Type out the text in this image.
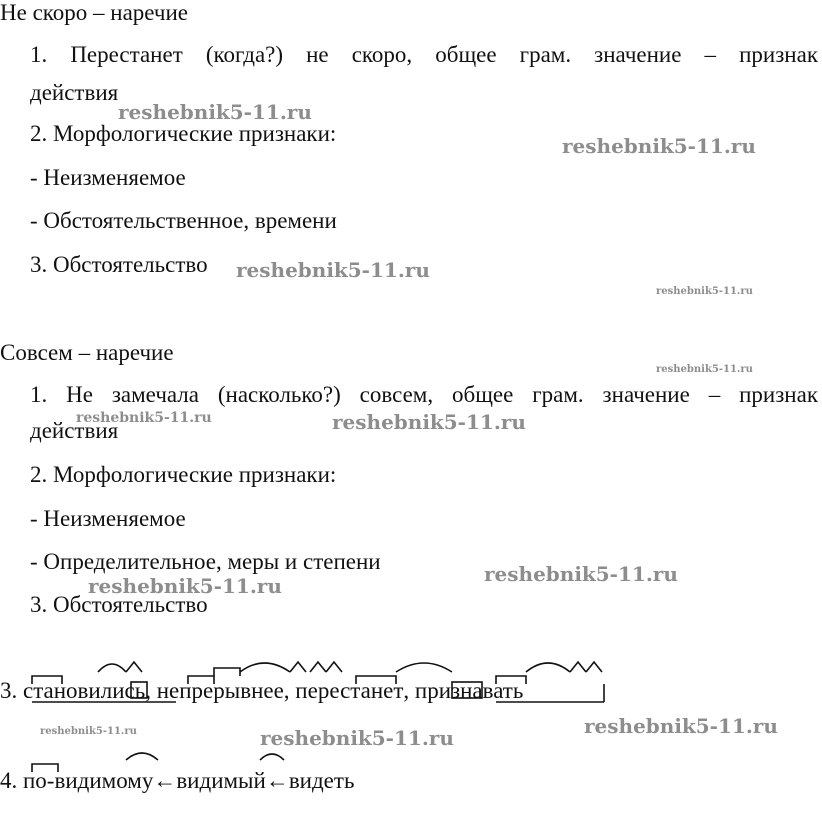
Не скоро – наречие
1. Перестанет (когда?) не скоро, общее грам. значение – признак
действия
2. Морфологические признаки:
- Неизменяемое
- Обстоятельственное, времени
3. Обстоятельство
Совсем – наречие
1. Не замечала (насколько?) совсем, общее грам. значение – признак
действия
2. Морфологические признаки:
- Неизменяемое
- Определительное, меры и степени
3. Обстоятельство
3. становились, непрерывнее, перестанет, признавать
4. по-видимому←видимый←видеть
reshebnik5-11.ru
reshebnik5-11.ru
reshebnik5-11.ru
reshebnik5-11.ru
reshebnik5-11.ru
reshebnik5-11.ru	reshebnik5-11.ru
reshebnik5-11.ru
reshebnik5-11.ru
reshebnik5-11.ru
reshebnik5-11.ru	reshebnik5-11.ru
